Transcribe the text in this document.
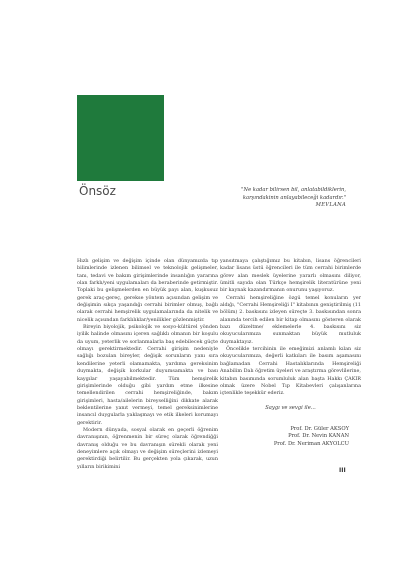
Önsöz	"Ne kadar bilirsen bil, anlatabildiklerin,
karşındakinin anlayabileceği kadardır."
MEVLANA

Hızlı gelişim ve değişim içinde olan dünyamızda tıp bilimlerinde izlenen bilimsel ve teknolojik gelişmeler, tanı, tedavi ve bakım girişimlerinde insanlığın yararına olan farklı/yeni uygulamaları da beraberinde getirmiştir. Toplaki bu gelişmelerden en büyük payı alan, kuşkusuz gerek araç-gereç, gerekse yöntem açısından gelişim ve değişimin sıkça yaşandığı cerrahi birimler olmuş, bağlı olarak cerrahi hemşirelik uygulamalarında da nitelik ve nicelik açısından farklılıklar/yenilikler gözlenmiştir.

Bireyin biyolojik, psikolojik ve sosyo-kültürel yönden iyilik halinde olmasını içeren sağlıklı olmanın bir koşulu da uyum, yeterlik ve sorlanmalarla baş edebilecek güçte olmayı gerektirmektedir. Cerrahi girişim nedeniyle sağlığı bozulan bireyler, değişik sorunların yanı sıra kendilerine yeterli olamamakta, yardıma gereksinim duymakta, değişik korkular duyumsamakta ve bası kaygılar yaşayabilmektedir. Tüm hemşirelik girişimlerinde olduğu gibi yardım etme ilkesine temellendirilen cerrahi hemşireliğinde, bakım girişimleri, hasta/ailelerin bireyselliğini dikkate alarak beklentilerine yanıt vermeyi, temel gereksinimlerine insancıl duygularla yaklaşmayı ve etik ilkeleri korumayı gerektirir.

Modern dünyada, sosyal olarak en geçerli öğrenim davranışının, öğrenmenin bir süreç olarak öğrendiğği davranış olduğu ve bu davranışın sürekli olarak yeni deneyimlere açık olmayı ve değişim süreçlerini izlemeyi gerektirdiği belirtilir. Bu gerçekten yola çıkarak, uzun yılların birikimini

yansıtmaya çalıştığımız bu kitabın, lisans öğrencileri kadar lisans üstü öğrencileri ile tüm cerrahi birimlerde görev alan meslek üyelerine yararlı olmasını diliyor, ümitli sayıda olan Türkçe hemşirelik literatürüne yeni bir kaynak kazandırmanın onurunu yaşıyoruz.

Cerrahi hemşireliğine özgü temel konuların yer aldığı, "Cerrahi Hemşireliği I" kitabının geniştirilmiş (11 bölüm) 2. baskısını izleyen süreçte 3. baskısından sonra alanında tercih edilen bir kitap olmasını gösteren olarak bazı düzeltme/ eklemelerle 4. baskısını siz okuyucularımıza sunmaktan büyük mutluluk duymaktayız.

Öncelikle tercihinin ile emeğimizi anlamlı kılan siz okuyucularımıza, değerli katkıları ile basım aşamasını bağlamadan Cerrahi Hastalıklarında Hemşireliği Anabilim Dalı öğretim üyeleri ve araştırma görevlilerine, kitabın basımında sorumluluk alan başta Hakkı ÇAKIR olmak üzere Nobel Tıp Kitabevleri çalışanlarına içtenlikle teşekkür ederiz.

Saygı ve sevgi ile...
Prof. Dr. Güler AKSOY
Prof. Dr. Nevin KANAN
Prof. Dr. Neriman AKYOLCU
III
